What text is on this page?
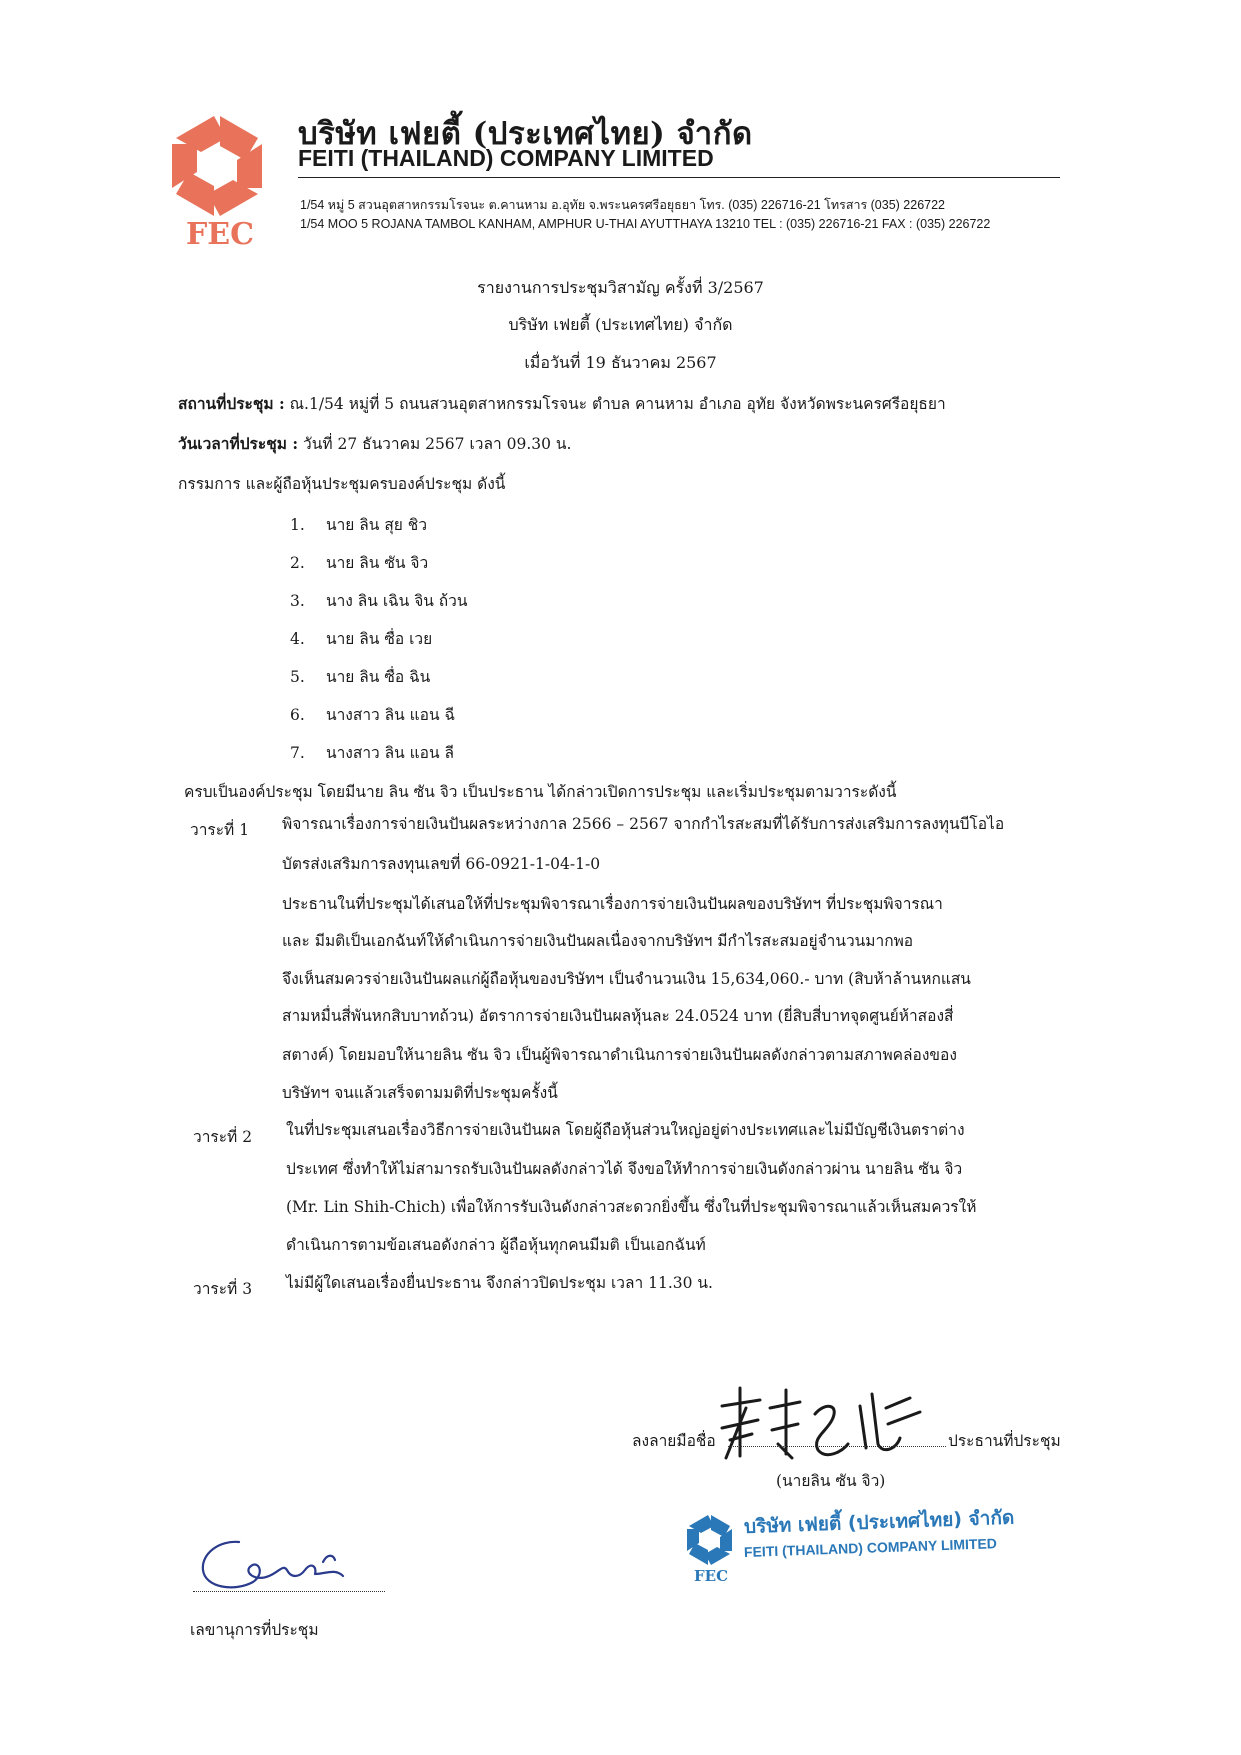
FEC
บริษัท เฟยตี้ (ประเทศไทย) จำกัด
FEITI (THAILAND) COMPANY LIMITED
1/54 หมู่ 5 สวนอุตสาหกรรมโรจนะ ต.คานหาม อ.อุทัย จ.พระนครศรีอยุธยา โทร. (035) 226716-21 โทรสาร (035) 226722
1/54 MOO 5 ROJANA TAMBOL KANHAM, AMPHUR U-THAI AYUTTHAYA 13210 TEL : (035) 226716-21 FAX : (035) 226722
รายงานการประชุมวิสามัญ ครั้งที่ 3/2567
บริษัท เฟยตี้ (ประเทศไทย) จำกัด
เมื่อวันที่ 19 ธันวาคม 2567
สถานที่ประชุม : ณ.1/54 หมู่ที่ 5 ถนนสวนอุตสาหกรรมโรจนะ ตำบล คานหาม อำเภอ อุทัย จังหวัดพระนครศรีอยุธยา
วันเวลาที่ประชุม : วันที่ 27 ธันวาคม 2567 เวลา 09.30 น.
กรรมการ และผู้ถือหุ้นประชุมครบองค์ประชุม ดังนี้
1. นาย ลิน สุย ชิว
2. นาย ลิน ซัน จิว
3. นาง ลิน เฉิน จิน ถ้วน
4. นาย ลิน ซื่อ เวย
5. นาย ลิน ซื่อ ฉิน
6. นางสาว ลิน แอน ฉี
7. นางสาว ลิน แอน ลี
ครบเป็นองค์ประชุม โดยมีนาย ลิน ซัน จิว เป็นประธาน ได้กล่าวเปิดการประชุม และเริ่มประชุมตามวาระดังนี้
วาระที่ 1 พิจารณาเรื่องการจ่ายเงินปันผลระหว่างกาล 2566 – 2567 จากกำไรสะสมที่ได้รับการส่งเสริมการลงทุนบีโอไอ
บัตรส่งเสริมการลงทุนเลขที่ 66-0921-1-04-1-0
ประธานในที่ประชุมได้เสนอให้ที่ประชุมพิจารณาเรื่องการจ่ายเงินปันผลของบริษัทฯ ที่ประชุมพิจารณา
และ มีมติเป็นเอกฉันท์ให้ดำเนินการจ่ายเงินปันผลเนื่องจากบริษัทฯ มีกำไรสะสมอยู่จำนวนมากพอ
จึงเห็นสมควรจ่ายเงินปันผลแก่ผู้ถือหุ้นของบริษัทฯ เป็นจำนวนเงิน 15,634,060.- บาท (สิบห้าล้านหกแสน
สามหมื่นสี่พันหกสิบบาทถ้วน) อัตราการจ่ายเงินปันผลหุ้นละ 24.0524 บาท (ยี่สิบสี่บาทจุดศูนย์ห้าสองสี่
สตางค์) โดยมอบให้นายลิน ซัน จิว เป็นผู้พิจารณาดำเนินการจ่ายเงินปันผลดังกล่าวตามสภาพคล่องของ
บริษัทฯ จนแล้วเสร็จตามมติที่ประชุมครั้งนี้
วาระที่ 2 ในที่ประชุมเสนอเรื่องวิธีการจ่ายเงินปันผล โดยผู้ถือหุ้นส่วนใหญ่อยู่ต่างประเทศและไม่มีบัญชีเงินตราต่าง
ประเทศ ซึ่งทำให้ไม่สามารถรับเงินปันผลดังกล่าวได้ จึงขอให้ทำการจ่ายเงินดังกล่าวผ่าน นายลิน ซัน จิว
(Mr. Lin Shih-Chich) เพื่อให้การรับเงินดังกล่าวสะดวกยิ่งขึ้น ซึ่งในที่ประชุมพิจารณาแล้วเห็นสมควรให้
ดำเนินการตามข้อเสนอดังกล่าว ผู้ถือหุ้นทุกคนมีมติ เป็นเอกฉันท์
วาระที่ 3 ไม่มีผู้ใดเสนอเรื่องยื่นประธาน จึงกล่าวปิดประชุม เวลา 11.30 น.
ลงลายมือชื่อ	ประธานที่ประชุม
(นายลิน ซัน จิว)
FEC
บริษัท เฟยตี้ (ประเทศไทย) จำกัด
FEITI (THAILAND) COMPANY LIMITED
เลขานุการที่ประชุม
